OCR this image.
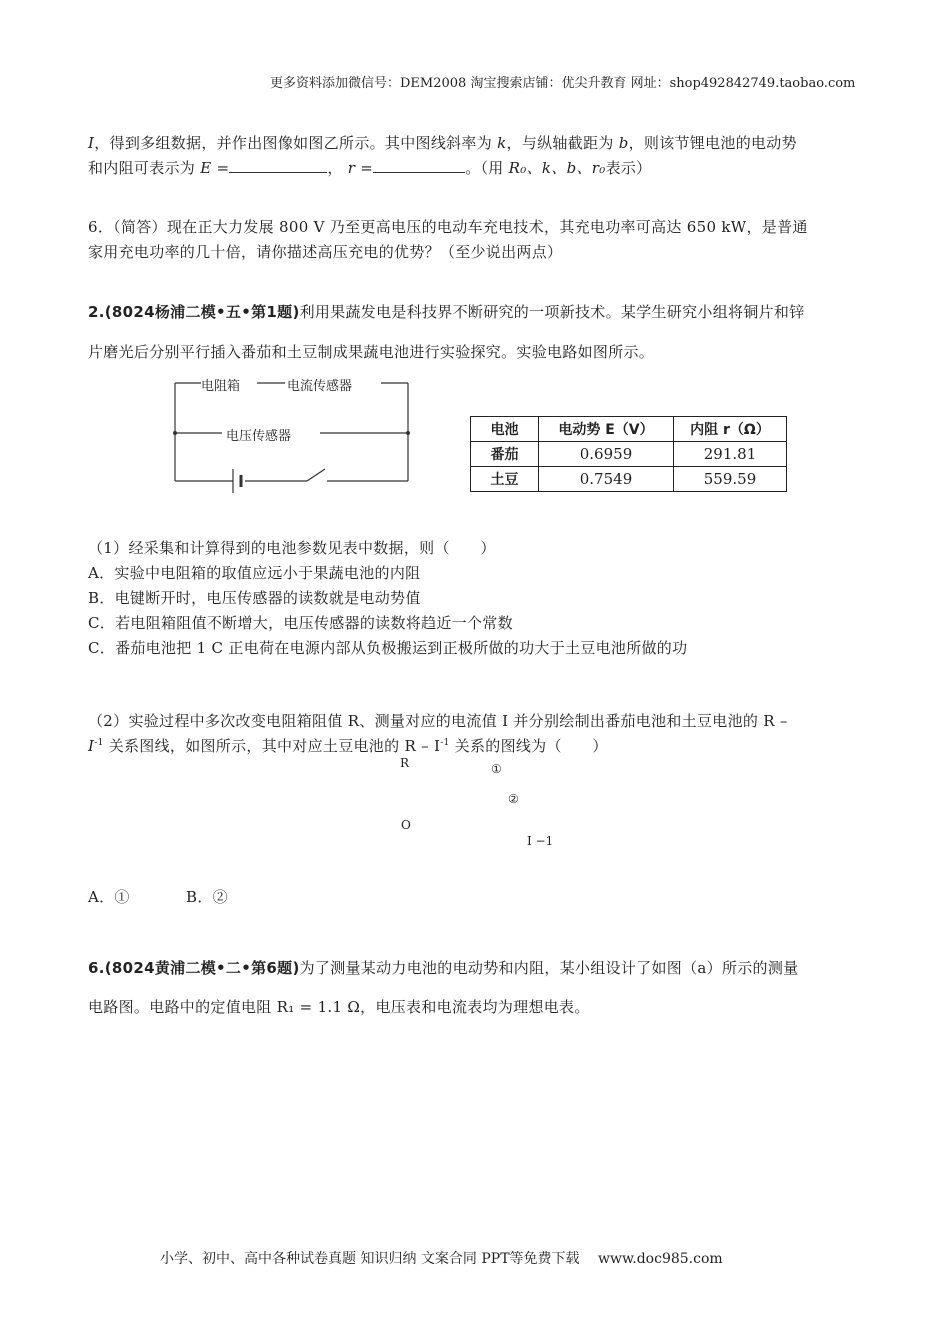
更多资料添加微信号：DEM2008 淘宝搜索店铺：优尖升教育 网址：shop492842749.taobao.com
I，得到多组数据，并作出图像如图乙所示。其中图线斜率为 k，与纵轴截距为 b，则该节锂电池的电动势
和内阻可表示为 E =	， r =	。（用 R₀、k、b、r₀表示）
6．（简答）现在正大力发展 800 V 乃至更高电压的电动车充电技术，其充电功率可高达 650 kW，是普通
家用充电功率的几十倍，请你描述高压充电的优势？（至少说出两点）
2.(8024杨浦二模•五•第1题)利用果蔬发电是科技界不断研究的一项新技术。某学生研究小组将铜片和锌
片磨光后分别平行插入番茄和土豆制成果蔬电池进行实验探究。实验电路如图所示。
电阻箱	电流传感器
电压传感器	电池	电动势 E（V）	内阻 r（Ω）
番茄	0.6959	291.81
土豆	0.7549	559.59
（1）经采集和计算得到的电池参数见表中数据，则（　　）
A．实验中电阻箱的取值应远小于果蔬电池的内阻
B．电键断开时，电压传感器的读数就是电动势值
C．若电阻箱阻值不断增大，电压传感器的读数将趋近一个常数
C．番茄电池把 1 C 正电荷在电源内部从负极搬运到正极所做的功大于土豆电池所做的功
（2）实验过程中多次改变电阻箱阻值 R、测量对应的电流值 I 并分别绘制出番茄电池和土豆电池的 R –
$I^{-1}$ 关系图线，如图所示，其中对应土豆电池的 R – $I^{-1}$ 关系的图线为（　　）
R	①
②
O
I −1
A．①	B．②
6.(8024黄浦二模•二•第6题)为了测量某动力电池的电动势和内阻，某小组设计了如图（a）所示的测量
电路图。电路中的定值电阻 R₁ = 1.1 Ω，电压表和电流表均为理想电表。
小学、初中、高中各种试卷真题 知识归纳 文案合同 PPT等免费下载　 www.doc985.com
